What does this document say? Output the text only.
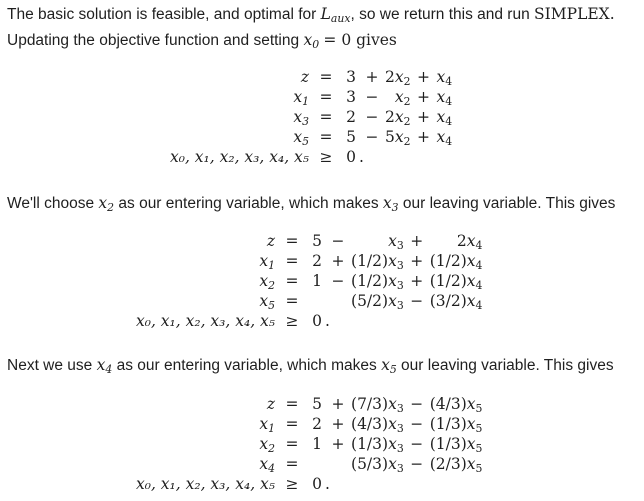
The basic solution is feasible, and optimal for $L_{aux}$, so we return this and run SIMPLEX.
Updating the objective function and setting $x_0 = 0$ gives
z	=	3	+	$2x_2$	+	$x_4$
$x_1$	=	3	−	$x_2$	+	$x_4$
$x_3$	=	2	−	$2x_2$	+	$x_4$
$x_5$	=	5	−	$5x_2$	+	$x_4$
x₀, x₁, x₂, x₃, x₄, x₅	≥	0	.			
We'll choose $x_2$ as our entering variable, which makes $x_3$ our leaving variable. This gives
z	=	5	−	$x_3$	+	$2x_4$
$x_1$	=	2	+	$(1/2)x_3$	+	$(1/2)x_4$
$x_2$	=	1	−	$(1/2)x_3$	+	$(1/2)x_4$
$x_5$	=			$(5/2)x_3$	−	$(3/2)x_4$
x₀, x₁, x₂, x₃, x₄, x₅	≥	0	.			
Next we use $x_4$ as our entering variable, which makes $x_5$ our leaving variable. This gives
z	=	5	+	$(7/3)x_3$	−	$(4/3)x_5$
$x_1$	=	2	+	$(4/3)x_3$	−	$(1/3)x_5$
$x_2$	=	1	+	$(1/3)x_3$	−	$(1/3)x_5$
$x_4$	=			$(5/3)x_3$	−	$(2/3)x_5$
x₀, x₁, x₂, x₃, x₄, x₅	≥	0	.			
